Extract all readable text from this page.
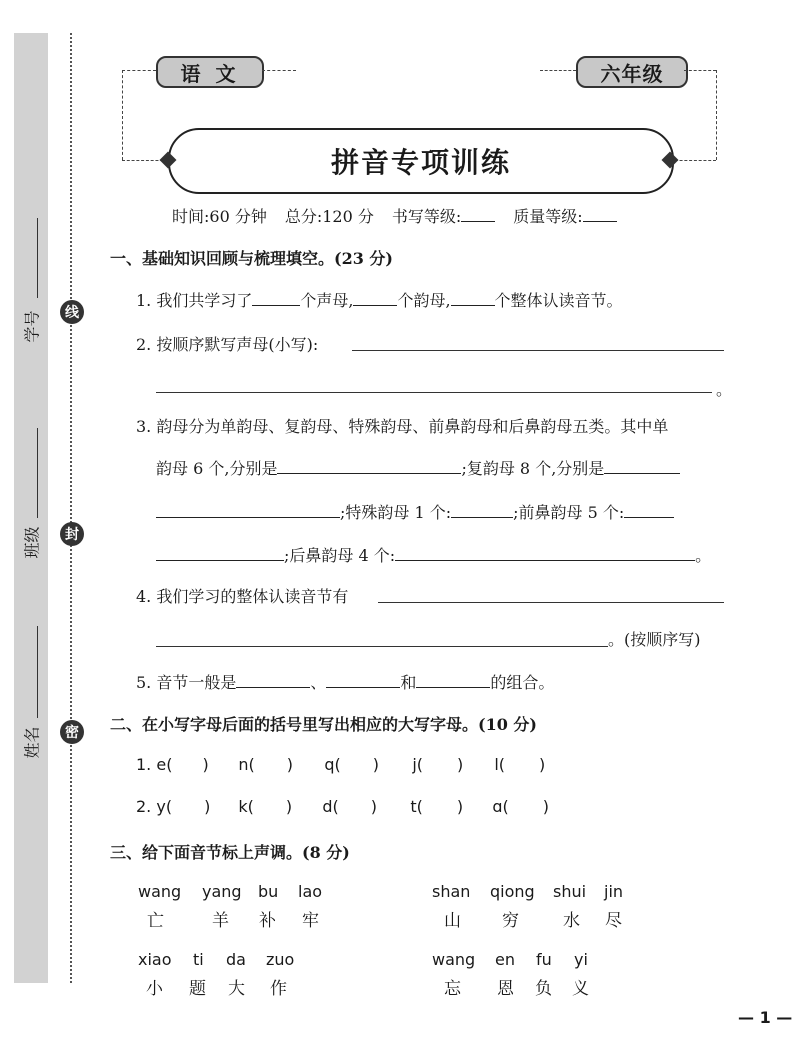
学号
班级
姓名
线
封
密
语 文	六年级
拼音专项训练
时间:60 分钟 总分:120 分 书写等级:	质量等级:
一、基础知识回顾与梳理填空。(23 分)
1. 我们共学习了	个声母,	个韵母,	个整体认读音节。
2. 按顺序默写声母(小写):
。
3. 韵母分为单韵母、复韵母、特殊韵母、前鼻韵母和后鼻韵母五类。其中单
韵母 6 个,分别是	;复韵母 8 个,分别是
;特殊韵母 1 个:	;前鼻韵母 5 个:
;后鼻韵母 4 个:	。
4. 我们学习的整体认读音节有
。(按顺序写)
5. 音节一般是	、	和	的组合。
二、在小写字母后面的括号里写出相应的大写字母。(10 分)
1. e( ) n( ) q( ) j( ) l( )
2. y( ) k( ) d( ) t( ) ɑ( )
三、给下面音节标上声调。(8 分)
wang yang bu lao
亡	羊 补 牢
shan qiong shui jin
山 穷	水 尽
xiao ti da zuo
小 题 大 作
wang en fu yi
忘 恩 负 义
— 1 —
